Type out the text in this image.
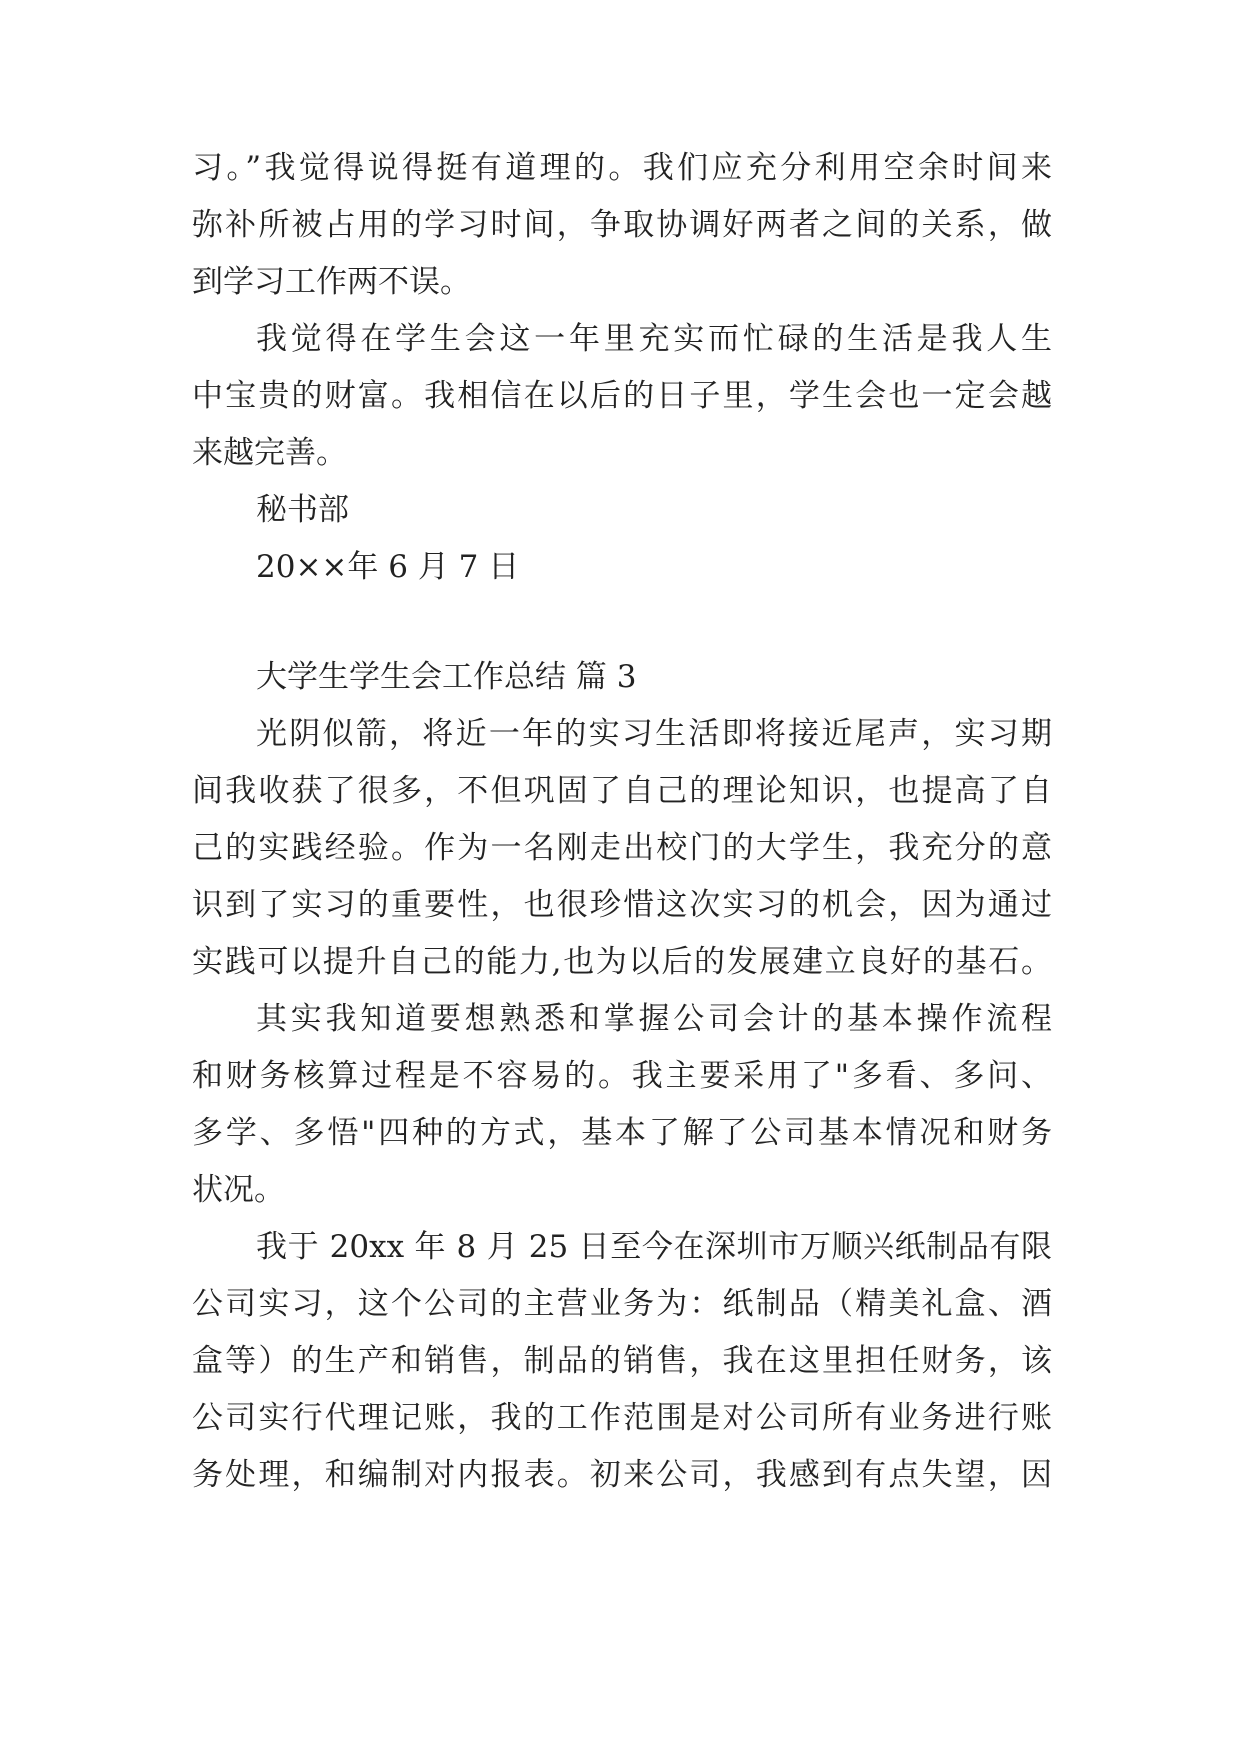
习。”我觉得说得挺有道理的。我们应充分利用空余时间来
弥补所被占用的学习时间，争取协调好两者之间的关系，做
到学习工作两不误。
我觉得在学生会这一年里充实而忙碌的生活是我人生
中宝贵的财富。我相信在以后的日子里，学生会也一定会越
来越完善。
秘书部
20××年 6 月 7 日
大学生学生会工作总结 篇 3
光阴似箭，将近一年的实习生活即将接近尾声，实习期
间我收获了很多，不但巩固了自己的理论知识，也提高了自
己的实践经验。作为一名刚走出校门的大学生，我充分的意
识到了实习的重要性，也很珍惜这次实习的机会，因为通过
实践可以提升自己的能力,也为以后的发展建立良好的基石。
其实我知道要想熟悉和掌握公司会计的基本操作流程
和财务核算过程是不容易的。我主要采用了"多看、多问、
多学、多悟"四种的方式，基本了解了公司基本情况和财务
状况。
我于 20xx 年 8 月 25 日至今在深圳市万顺兴纸制品有限
公司实习，这个公司的主营业务为：纸制品（精美礼盒、酒
盒等）的生产和销售，制品的销售，我在这里担任财务，该
公司实行代理记账，我的工作范围是对公司所有业务进行账
务处理，和编制对内报表。初来公司，我感到有点失望，因
